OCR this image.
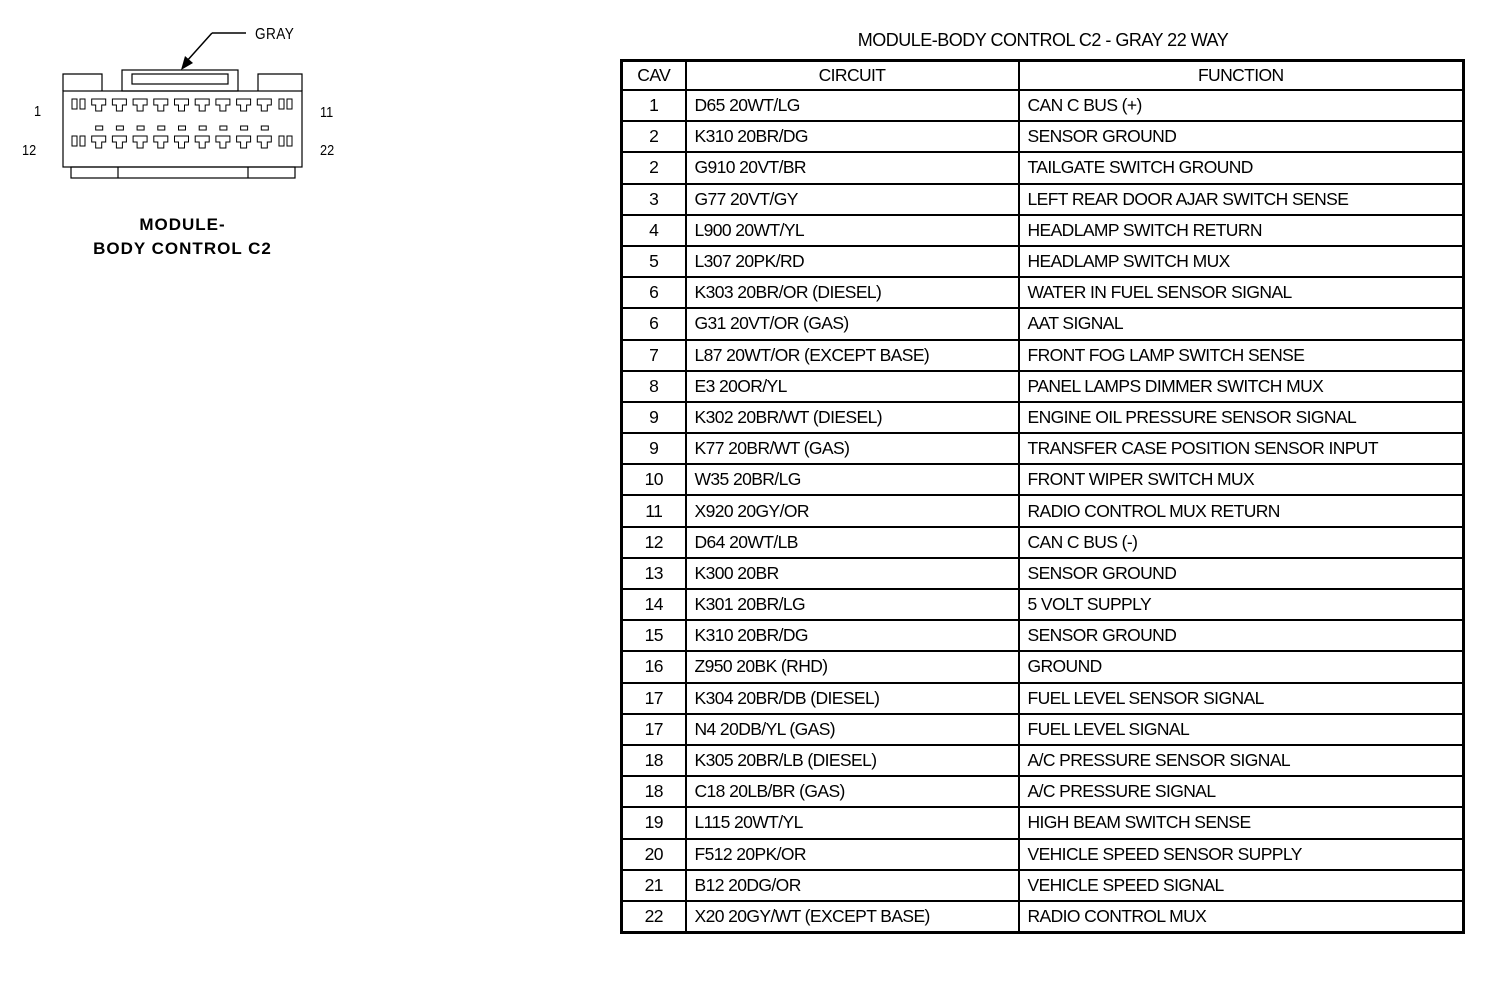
1	11
12	22
GRAY
MODULE-
BODY CONTROL C2
MODULE-BODY CONTROL C2 - GRAY 22 WAY
CAV	CIRCUIT	FUNCTION
1	D65 20WT/LG	CAN C BUS (+)
2	K310 20BR/DG	SENSOR GROUND
2	G910 20VT/BR	TAILGATE SWITCH GROUND
3	G77 20VT/GY	LEFT REAR DOOR AJAR SWITCH SENSE
4	L900 20WT/YL	HEADLAMP SWITCH RETURN
5	L307 20PK/RD	HEADLAMP SWITCH MUX
6	K303 20BR/OR (DIESEL)	WATER IN FUEL SENSOR SIGNAL
6	G31 20VT/OR (GAS)	AAT SIGNAL
7	L87 20WT/OR (EXCEPT BASE)	FRONT FOG LAMP SWITCH SENSE
8	E3 20OR/YL	PANEL LAMPS DIMMER SWITCH MUX
9	K302 20BR/WT (DIESEL)	ENGINE OIL PRESSURE SENSOR SIGNAL
9	K77 20BR/WT (GAS)	TRANSFER CASE POSITION SENSOR INPUT
10	W35 20BR/LG	FRONT WIPER SWITCH MUX
11	X920 20GY/OR	RADIO CONTROL MUX RETURN
12	D64 20WT/LB	CAN C BUS (-)
13	K300 20BR	SENSOR GROUND
14	K301 20BR/LG	5 VOLT SUPPLY
15	K310 20BR/DG	SENSOR GROUND
16	Z950 20BK (RHD)	GROUND
17	K304 20BR/DB (DIESEL)	FUEL LEVEL SENSOR SIGNAL
17	N4 20DB/YL (GAS)	FUEL LEVEL SIGNAL
18	K305 20BR/LB (DIESEL)	A/C PRESSURE SENSOR SIGNAL
18	C18 20LB/BR (GAS)	A/C PRESSURE SIGNAL
19	L115 20WT/YL	HIGH BEAM SWITCH SENSE
20	F512 20PK/OR	VEHICLE SPEED SENSOR SUPPLY
21	B12 20DG/OR	VEHICLE SPEED SIGNAL
22	X20 20GY/WT (EXCEPT BASE)	RADIO CONTROL MUX
